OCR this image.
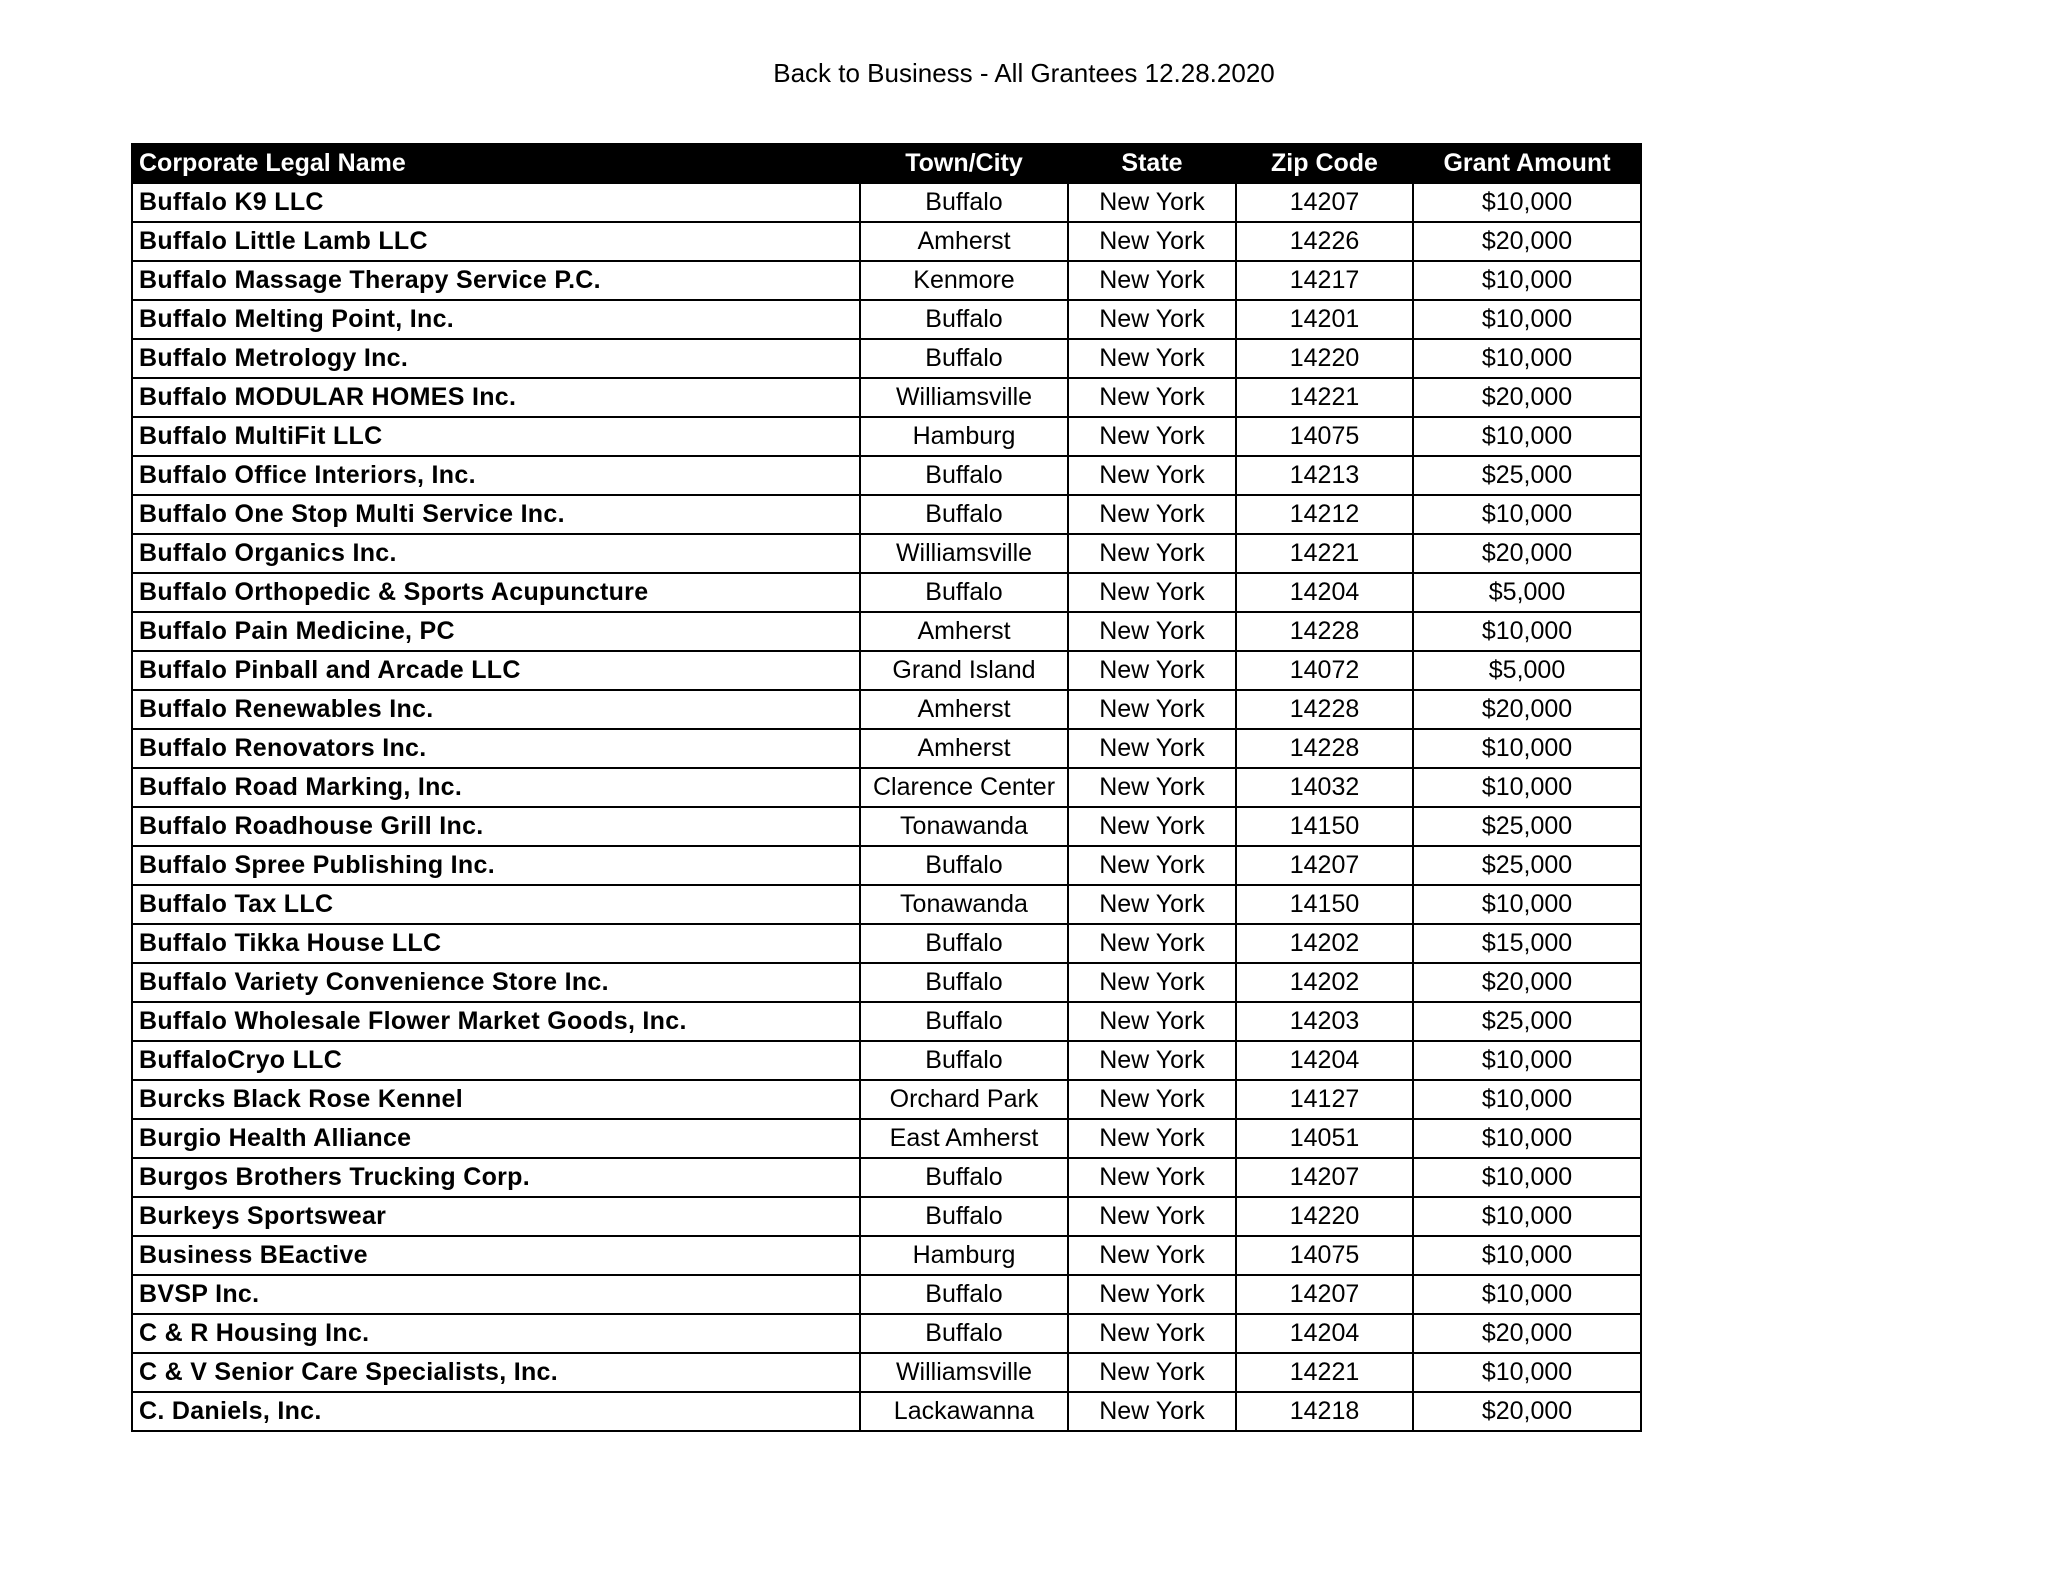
Back to Business - All Grantees 12.28.2020
Corporate Legal Name	Town/City	State	Zip Code	Grant Amount
Buffalo K9 LLC	Buffalo	New York	14207	$10,000
Buffalo Little Lamb LLC	Amherst	New York	14226	$20,000
Buffalo Massage Therapy Service P.C.	Kenmore	New York	14217	$10,000
Buffalo Melting Point, Inc.	Buffalo	New York	14201	$10,000
Buffalo Metrology Inc.	Buffalo	New York	14220	$10,000
Buffalo MODULAR HOMES Inc.	Williamsville	New York	14221	$20,000
Buffalo MultiFit LLC	Hamburg	New York	14075	$10,000
Buffalo Office Interiors, Inc.	Buffalo	New York	14213	$25,000
Buffalo One Stop Multi Service Inc.	Buffalo	New York	14212	$10,000
Buffalo Organics Inc.	Williamsville	New York	14221	$20,000
Buffalo Orthopedic & Sports Acupuncture	Buffalo	New York	14204	$5,000
Buffalo Pain Medicine, PC	Amherst	New York	14228	$10,000
Buffalo Pinball and Arcade LLC	Grand Island	New York	14072	$5,000
Buffalo Renewables Inc.	Amherst	New York	14228	$20,000
Buffalo Renovators Inc.	Amherst	New York	14228	$10,000
Buffalo Road Marking, Inc.	Clarence Center	New York	14032	$10,000
Buffalo Roadhouse Grill Inc.	Tonawanda	New York	14150	$25,000
Buffalo Spree Publishing Inc.	Buffalo	New York	14207	$25,000
Buffalo Tax LLC	Tonawanda	New York	14150	$10,000
Buffalo Tikka House LLC	Buffalo	New York	14202	$15,000
Buffalo Variety Convenience Store Inc.	Buffalo	New York	14202	$20,000
Buffalo Wholesale Flower Market Goods, Inc.	Buffalo	New York	14203	$25,000
BuffaloCryo LLC	Buffalo	New York	14204	$10,000
Burcks Black Rose Kennel	Orchard Park	New York	14127	$10,000
Burgio Health Alliance	East Amherst	New York	14051	$10,000
Burgos Brothers Trucking Corp.	Buffalo	New York	14207	$10,000
Burkeys Sportswear	Buffalo	New York	14220	$10,000
Business BEactive	Hamburg	New York	14075	$10,000
BVSP Inc.	Buffalo	New York	14207	$10,000
C & R Housing Inc.	Buffalo	New York	14204	$20,000
C & V Senior Care Specialists, Inc.	Williamsville	New York	14221	$10,000
C. Daniels, Inc.	Lackawanna	New York	14218	$20,000
